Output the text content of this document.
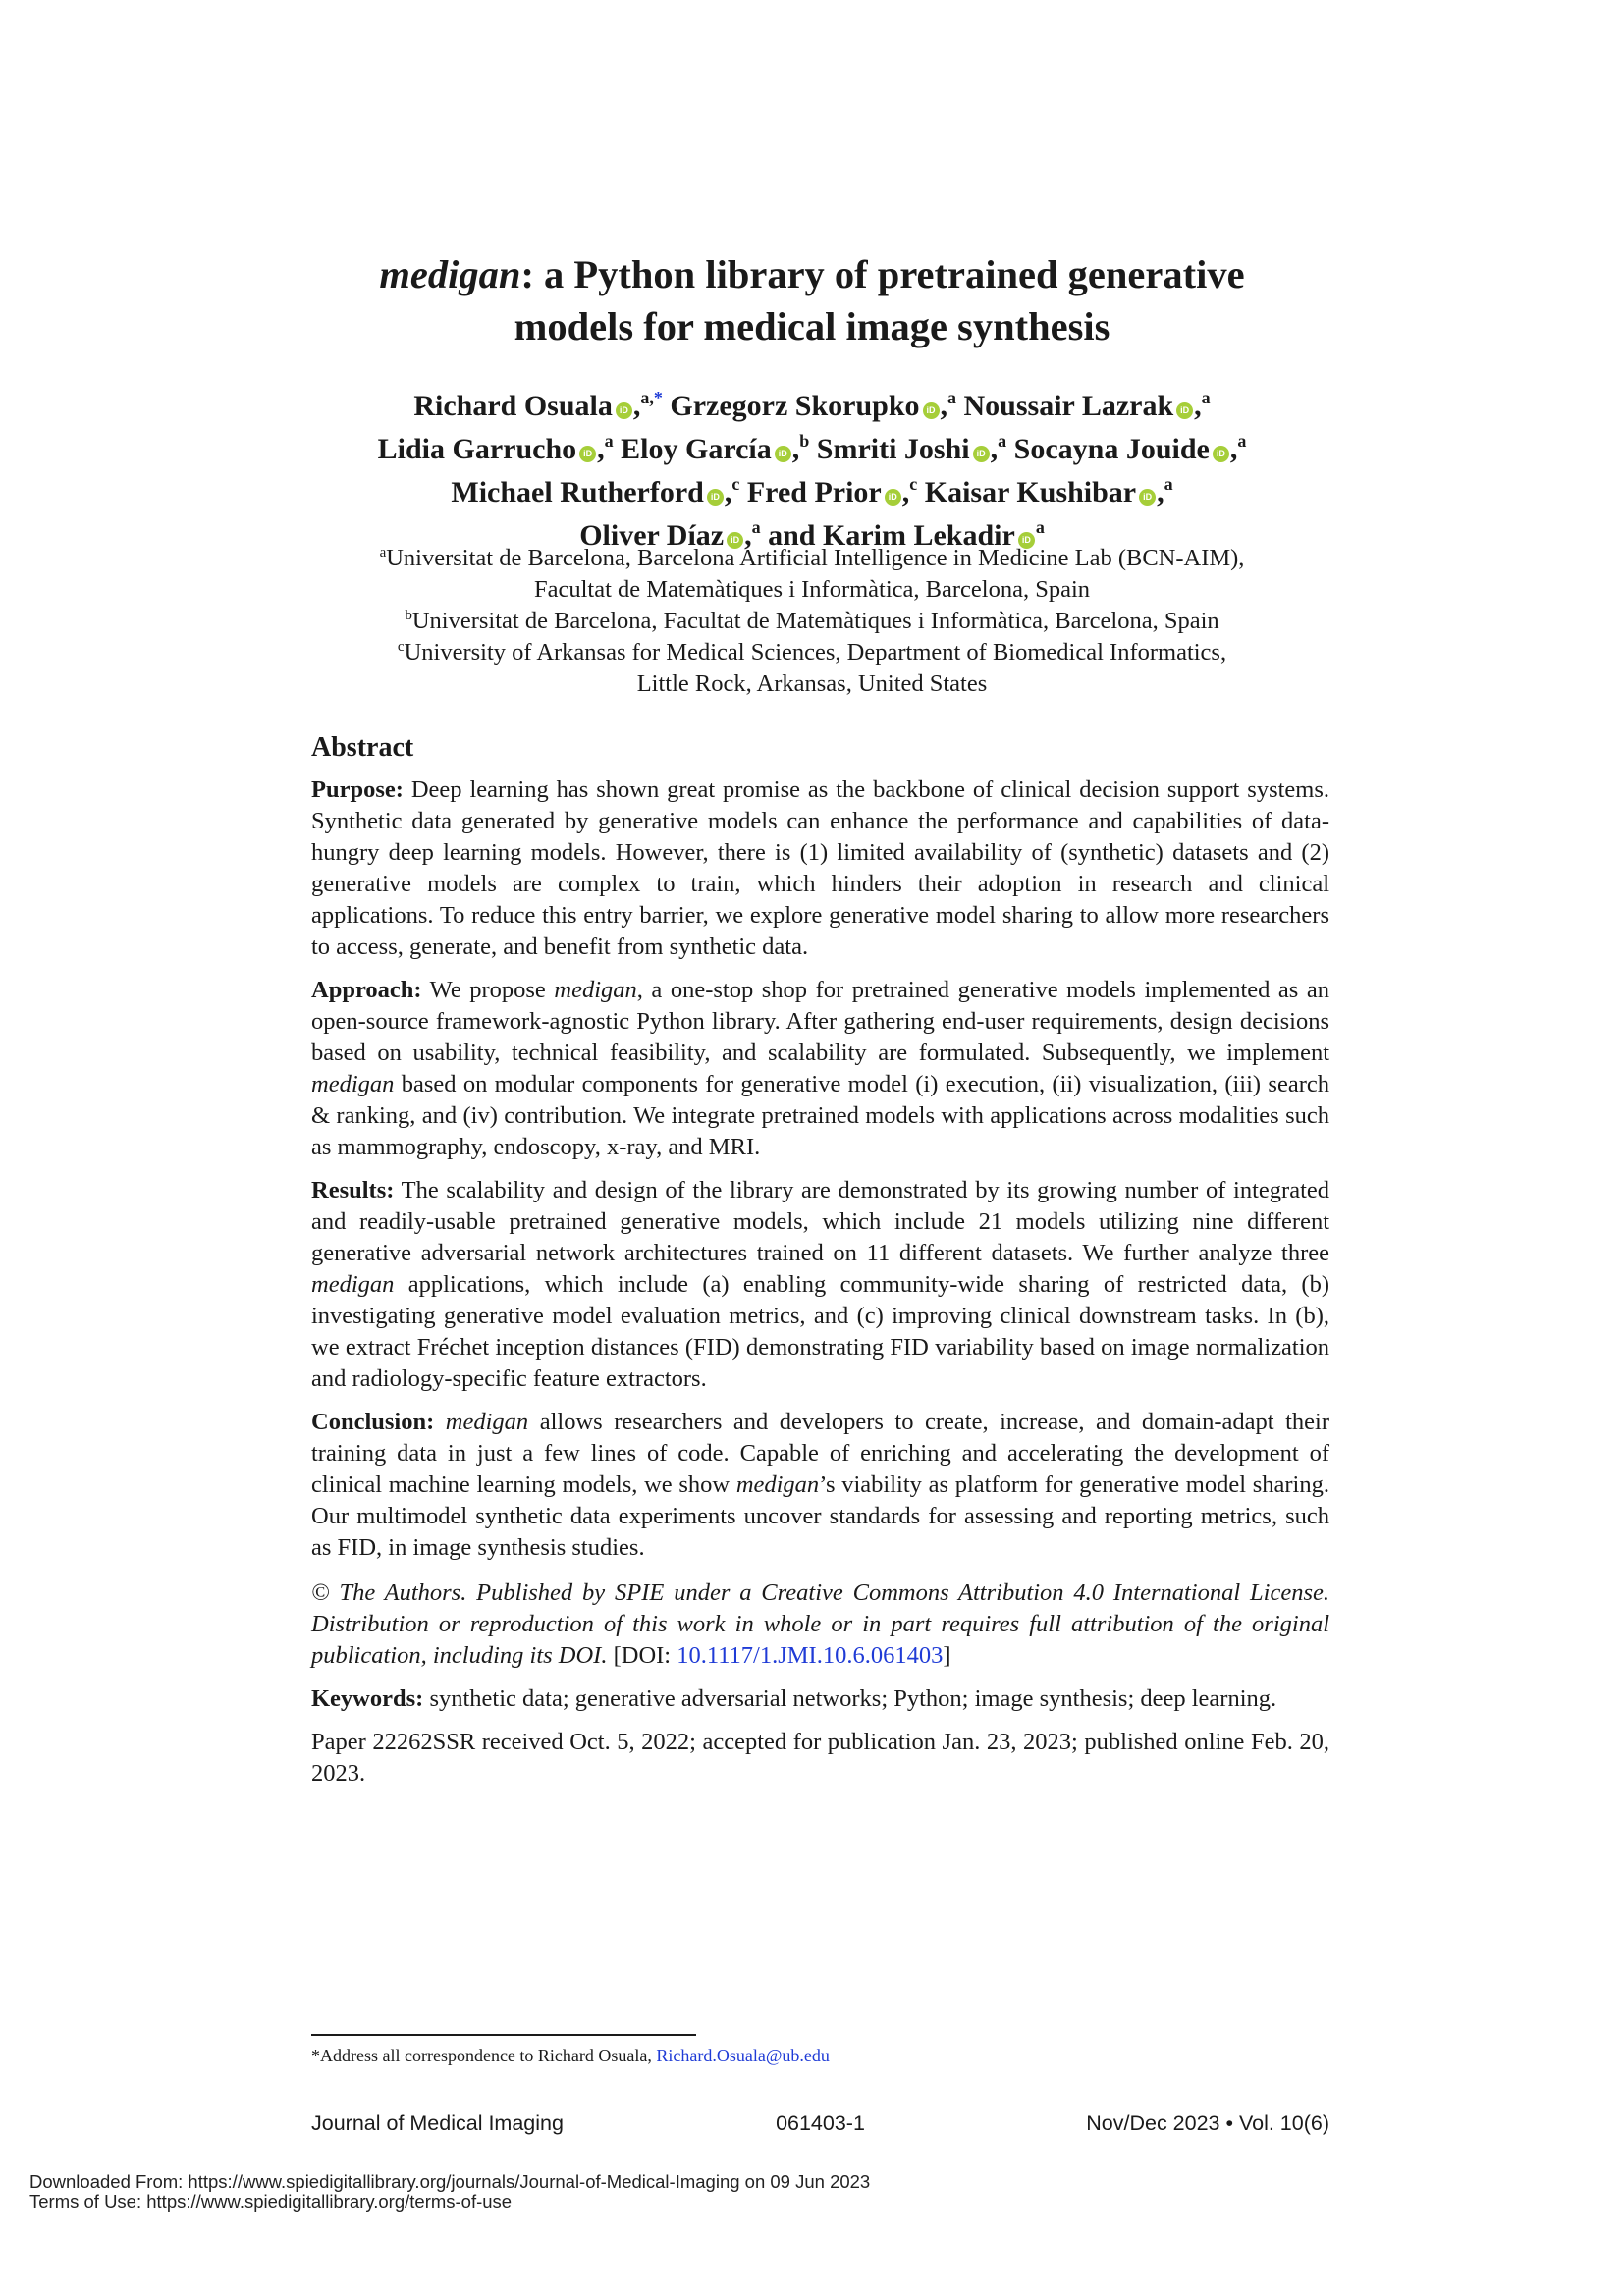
medigan: a Python library of pretrained generative
models for medical image synthesis
Richard Osuala iD ,$^{a,*}$ Grzegorz Skorupko iD ,$^a$ Noussair Lazrak iD ,$^a$
Lidia Garrucho iD ,$^a$ Eloy García iD ,$^b$ Smriti Joshi iD ,$^a$ Socayna Jouide iD ,$^a$
Michael Rutherford iD ,$^c$ Fred Prior iD ,$^c$ Kaisar Kushibar iD ,$^a$
Oliver Díaz iD ,$^a$ and Karim Lekadir $iD^a$
$^a$Universitat de Barcelona, Barcelona Artificial Intelligence in Medicine Lab (BCN-AIM),
Facultat de Matemàtiques i Informàtica, Barcelona, Spain
$^b$Universitat de Barcelona, Facultat de Matemàtiques i Informàtica, Barcelona, Spain
$^c$University of Arkansas for Medical Sciences, Department of Biomedical Informatics,
Little Rock, Arkansas, United States
Abstract

Purpose: Deep learning has shown great promise as the backbone of clinical decision support systems. Synthetic data generated by generative models can enhance the performance and capabilities of data-hungry deep learning models. However, there is (1) limited availability of (synthetic) datasets and (2) generative models are complex to train, which hinders their adoption in research and clinical applications. To reduce this entry barrier, we explore generative model sharing to allow more researchers to access, generate, and benefit from synthetic data.

Approach: We propose medigan, a one-stop shop for pretrained generative models implemented as an open-source framework-agnostic Python library. After gathering end-user requirements, design decisions based on usability, technical feasibility, and scalability are formulated. Subsequently, we implement medigan based on modular components for generative model (i) execution, (ii) visualization, (iii) search & ranking, and (iv) contribution. We integrate pretrained models with applications across modalities such as mammography, endoscopy, x-ray, and MRI.

Results: The scalability and design of the library are demonstrated by its growing number of integrated and readily-usable pretrained generative models, which include 21 models utilizing nine different generative adversarial network architectures trained on 11 different datasets. We further analyze three medigan applications, which include (a) enabling community-wide sharing of restricted data, (b) investigating generative model evaluation metrics, and (c) improving clinical downstream tasks. In (b), we extract Fréchet inception distances (FID) demonstrating FID variability based on image normalization and radiology-specific feature extractors.

Conclusion: medigan allows researchers and developers to create, increase, and domain-adapt their training data in just a few lines of code. Capable of enriching and accelerating the development of clinical machine learning models, we show medigan’s viability as platform for generative model sharing. Our multimodel synthetic data experiments uncover standards for assessing and reporting metrics, such as FID, in image synthesis studies.

© The Authors. Published by SPIE under a Creative Commons Attribution 4.0 International License. Distribution or reproduction of this work in whole or in part requires full attribution of the original publication, including its DOI. [DOI: 10.1117/1.JMI.10.6.061403]

Keywords: synthetic data; generative adversarial networks; Python; image synthesis; deep learning.

Paper 22262SSR received Oct. 5, 2022; accepted for publication Jan. 23, 2023; published online Feb. 20, 2023.

*Address all correspondence to Richard Osuala, Richard.Osuala@ub.edu
Journal of Medical Imaging	061403-1	Nov/Dec 2023 • Vol. 10(6)
Downloaded From: https://www.spiedigitallibrary.org/journals/Journal-of-Medical-Imaging on 09 Jun 2023
Terms of Use: https://www.spiedigitallibrary.org/terms-of-use
